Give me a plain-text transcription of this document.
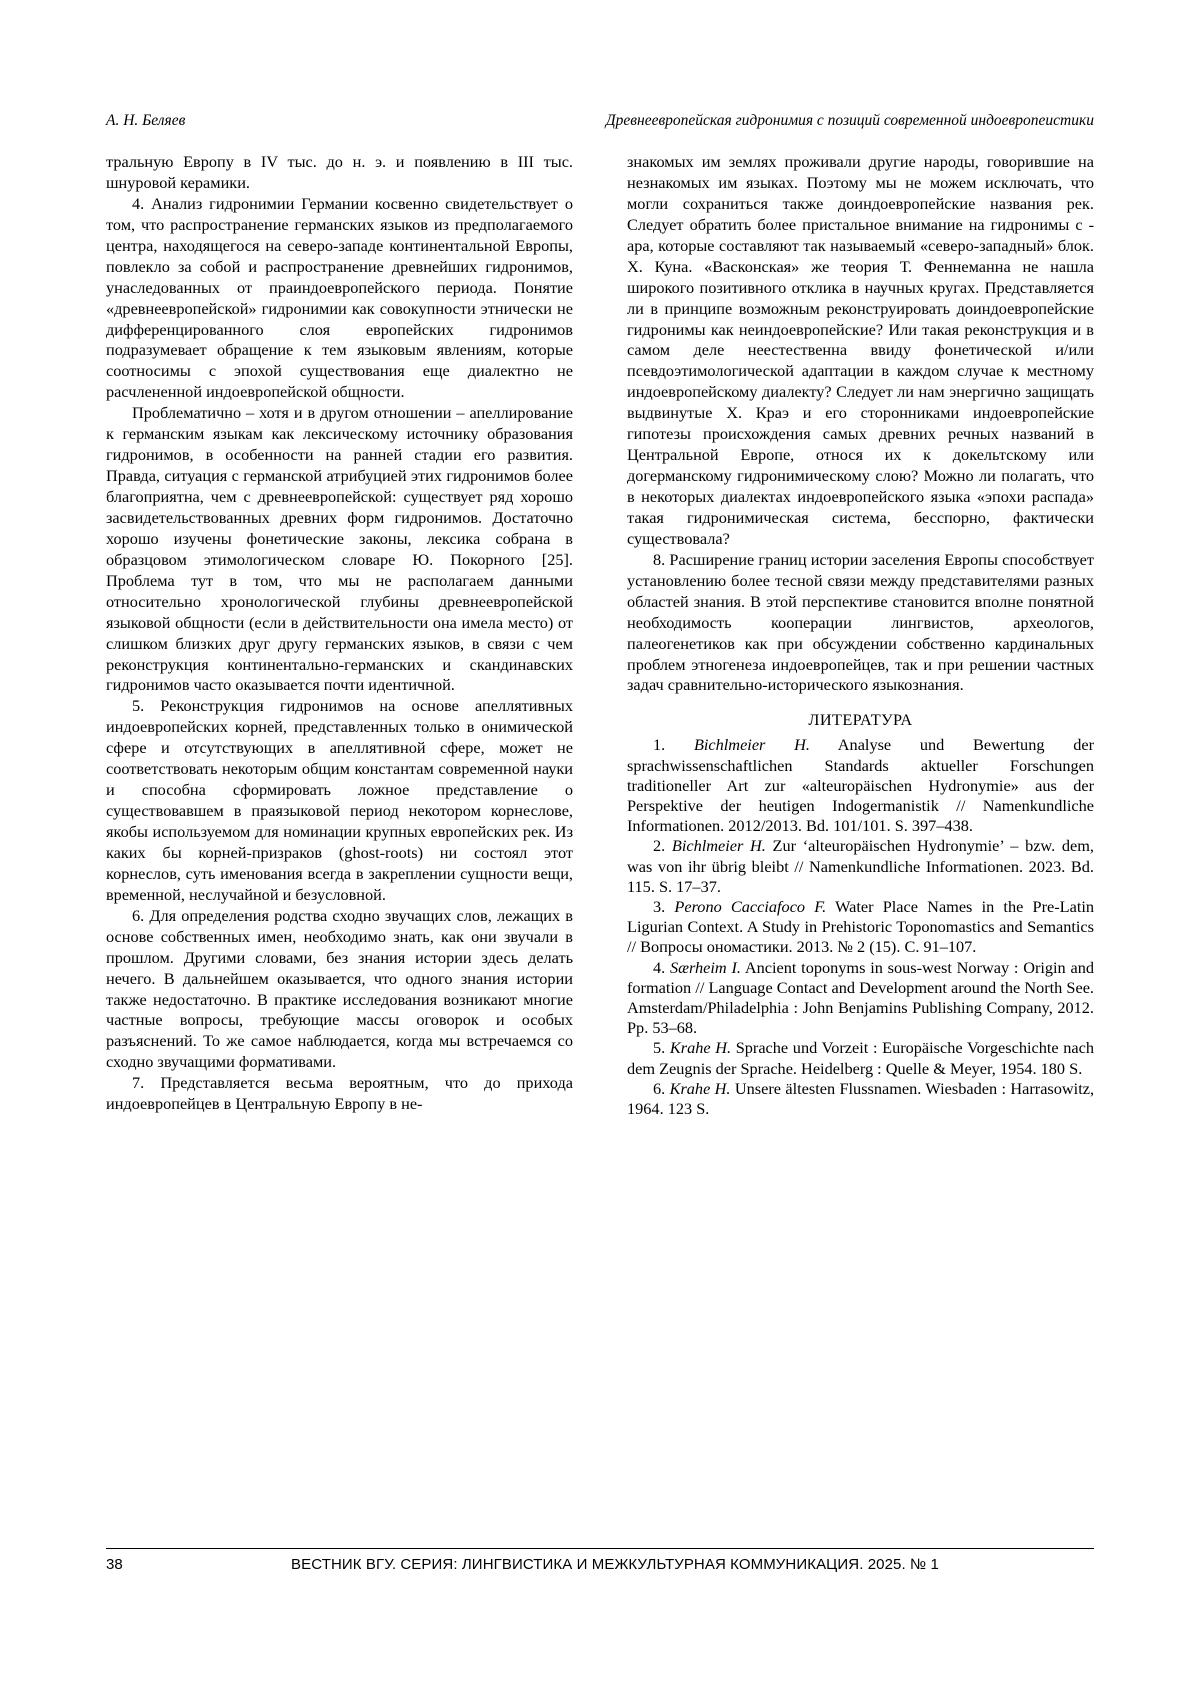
А. Н. Беляев	Древнеевропейская гидронимия с позиций современной индоевропеистики

тральную Европу в IV тыс. до н. э. и появлению в III тыс. шнуровой керамики.

4. Анализ гидронимии Германии косвенно свидетельствует о том, что распространение германских языков из предполагаемого центра, находящегося на северо-западе континентальной Европы, повлекло за собой и распространение древнейших гидронимов, унаследованных от праиндоевропейского периода. Понятие «древнеевропейской» гидронимии как совокупности этнически не дифференцированного слоя европейских гидронимов подразумевает обращение к тем языковым явлениям, которые соотносимы с эпохой существования еще диалектно не расчлененной индоевропейской общности.

Проблематично – хотя и в другом отношении – апеллирование к германским языкам как лексическому источнику образования гидронимов, в особенности на ранней стадии его развития. Правда, ситуация с германской атрибуцией этих гидронимов более благоприятна, чем с древнеевропейской: существует ряд хорошо засвидетельствованных древних форм гидронимов. Достаточно хорошо изучены фонетические законы, лексика собрана в образцовом этимологическом словаре Ю. Покорного [25]. Проблема тут в том, что мы не располагаем данными относительно хронологической глубины древнеевропейской языковой общности (если в действительности она имела место) от слишком близких друг другу германских языков, в связи с чем реконструкция континентально-германских и скандинавских гидронимов часто оказывается почти идентичной.

5. Реконструкция гидронимов на основе апеллятивных индоевропейских корней, представленных только в онимической сфере и отсутствующих в апеллятивной сфере, может не соответствовать некоторым общим константам современной науки и способна сформировать ложное представление о существовавшем в праязыковой период некотором корнеслове, якобы используемом для номинации крупных европейских рек. Из каких бы корней-призраков (ghost-roots) ни состоял этот корнеслов, суть именования всегда в закреплении сущности вещи, временной, неслучайной и безусловной.

6. Для определения родства сходно звучащих слов, лежащих в основе собственных имен, необходимо знать, как они звучали в прошлом. Другими словами, без знания истории здесь делать нечего. В дальнейшем оказывается, что одного знания истории также недостаточно. В практике исследования возникают многие частные вопросы, требующие массы оговорок и особых разъяснений. То же самое наблюдается, когда мы встречаемся со сходно звучащими формативами.

7. Представляется весьма вероятным, что до прихода индоевропейцев в Центральную Европу в не-

знакомых им землях проживали другие народы, говорившие на незнакомых им языках. Поэтому мы не можем исключать, что могли сохраниться также доиндоевропейские названия рек. Следует обратить более пристальное внимание на гидронимы с -apa, которые составляют так называемый «северо-западный» блок. Х. Куна. «Васконская» же теория Т. Феннеманна не нашла широкого позитивного отклика в научных кругах. Представляется ли в принципе возможным реконструировать доиндоевропейские гидронимы как неиндоевропейские? Или такая реконструкция и в самом деле неестественна ввиду фонетической и/или псевдоэтимологической адаптации в каждом случае к местному индоевропейскому диалекту? Следует ли нам энергично защищать выдвинутые Х. Краэ и его сторонниками индоевропейские гипотезы происхождения самых древних речных названий в Центральной Европе, относя их к докельтскому или догерманскому гидронимическому слою? Можно ли полагать, что в некоторых диалектах индоевропейского языка «эпохи распада» такая гидронимическая система, бесспорно, фактически существовала?

8. Расширение границ истории заселения Европы способствует установлению более тесной связи между представителями разных областей знания. В этой перспективе становится вполне понятной необходимость кооперации лингвистов, археологов, палеогенетиков как при обсуждении собственно кардинальных проблем этногенеза индоевропейцев, так и при решении частных задач сравнительно-исторического языкознания.

ЛИТЕРАТУРА

1. Bichlmeier H. Analyse und Bewertung der sprachwissenschaftlichen Standards aktueller Forschungen traditioneller Art zur «alteuropäischen Hydronymie» aus der Perspektive der heutigen Indogermanistik // Namenkundliche Informationen. 2012/2013. Bd. 101/101. S. 397–438.

2. Bichlmeier H. Zur ‘alteuropäischen Hydronymie’ – bzw. dem, was von ihr übrig bleibt // Namenkundliche Informationen. 2023. Bd. 115. S. 17–37.

3. Perono Cacciafoco F. Water Place Names in the Pre-Latin Ligurian Context. A Study in Prehistoric Toponomastics and Semantics // Вопросы ономастики. 2013. № 2 (15). С. 91–107.

4. Særheim I. Ancient toponyms in sous-west Norway : Origin and formation // Language Contact and Development around the North See. Amsterdam/Philadelphia : John Benjamins Publishing Company, 2012. Pp. 53–68.

5. Krahe H. Sprache und Vorzeit : Europäische Vorgeschichte nach dem Zeugnis der Sprache. Heidelberg : Quelle & Meyer, 1954. 180 S.

6. Krahe H. Unsere ältesten Flussnamen. Wiesbaden : Harrasowitz, 1964. 123 S.

38	ВЕСТНИК ВГУ. СЕРИЯ: ЛИНГВИСТИКА И МЕЖКУЛЬТУРНАЯ КОММУНИКАЦИЯ. 2025. № 1
